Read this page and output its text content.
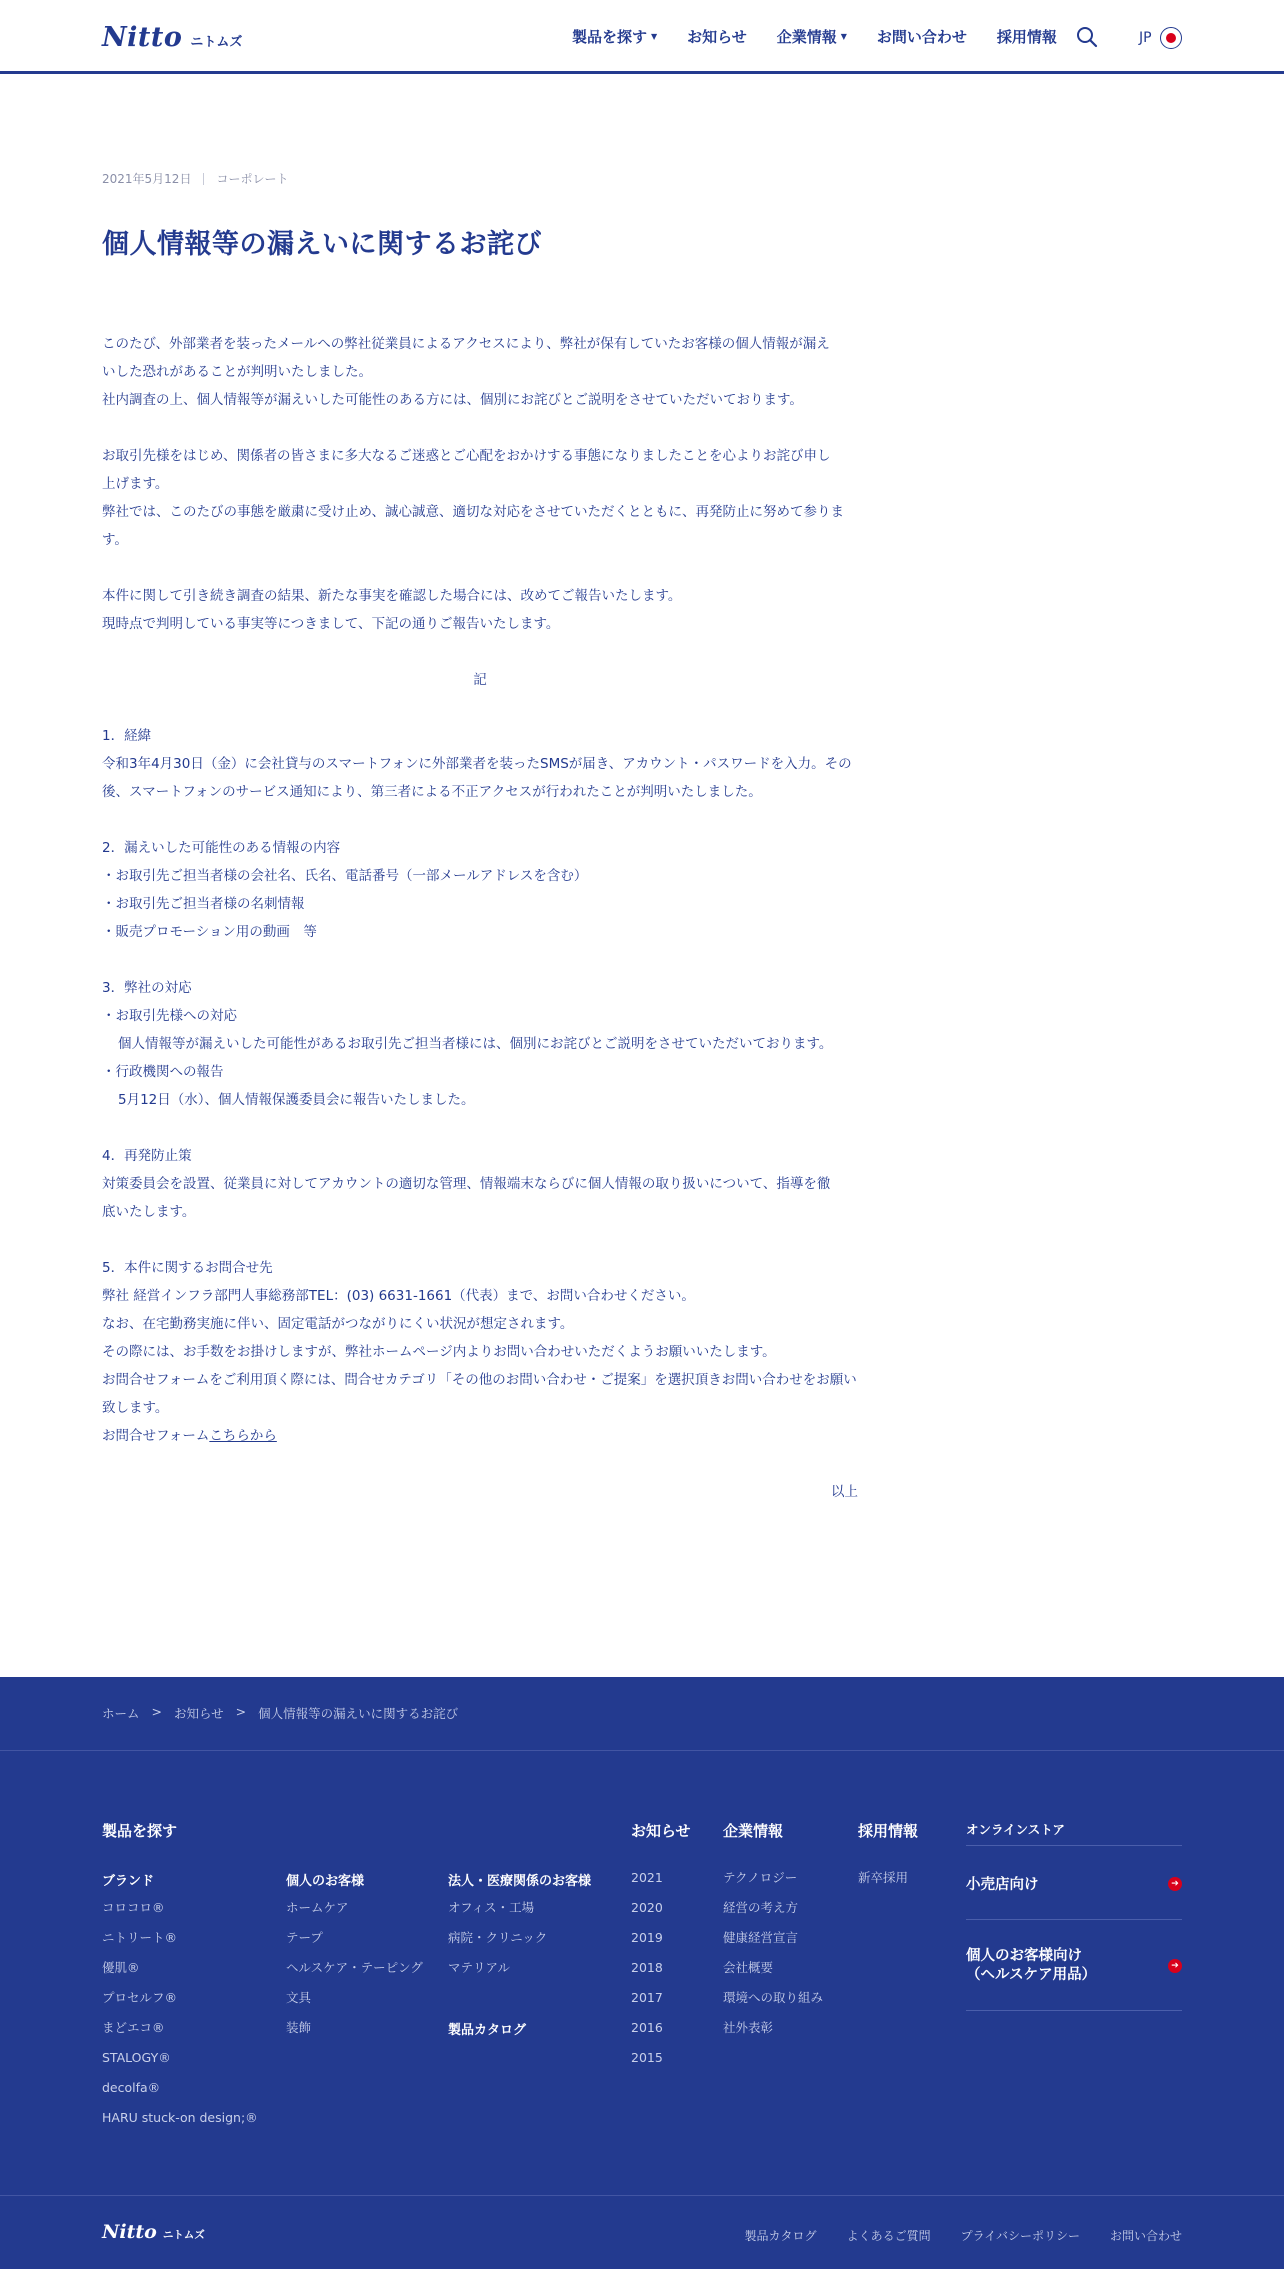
Nitto ニトムズ	製品を探す ▼ お知らせ 企業情報 ▼ お問い合わせ 採用情報	JP
2021年5月12日 コーポレート
個人情報等の漏えいに関するお詫び
このたび、外部業者を装ったメールへの弊社従業員によるアクセスにより、弊社が保有していたお客様の個人情報が漏え
いした恐れがあることが判明いたしました。
社内調査の上、個人情報等が漏えいした可能性のある方には、個別にお詫びとご説明をさせていただいております。
お取引先様をはじめ、関係者の皆さまに多大なるご迷惑とご心配をおかけする事態になりましたことを心よりお詫び申し
上げます。
弊社では、このたびの事態を厳粛に受け止め、誠心誠意、適切な対応をさせていただくとともに、再発防止に努めて参りま
す。
本件に関して引き続き調査の結果、新たな事実を確認した場合には、改めてご報告いたします。
現時点で判明している事実等につきまして、下記の通りご報告いたします。
記
1．経緯
令和3年4月30日（金）に会社貸与のスマートフォンに外部業者を装ったSMSが届き、アカウント・パスワードを入力。その
後、スマートフォンのサービス通知により、第三者による不正アクセスが行われたことが判明いたしました。
2．漏えいした可能性のある情報の内容
・お取引先ご担当者様の会社名、氏名、電話番号（一部メールアドレスを含む）
・お取引先ご担当者様の名刺情報
・販売プロモーション用の動画　等
3．弊社の対応
・お取引先様への対応
個人情報等が漏えいした可能性があるお取引先ご担当者様には、個別にお詫びとご説明をさせていただいております。
・行政機関への報告
5月12日（水）、個人情報保護委員会に報告いたしました。
4．再発防止策
対策委員会を設置、従業員に対してアカウントの適切な管理、情報端末ならびに個人情報の取り扱いについて、指導を徹
底いたします。
5．本件に関するお問合せ先
弊社 経営インフラ部門人事総務部TEL：(03) 6631-1661（代表）まで、お問い合わせください。
なお、在宅勤務実施に伴い、固定電話がつながりにくい状況が想定されます。
その際には、お手数をお掛けしますが、弊社ホームページ内よりお問い合わせいただくようお願いいたします。
お問合せフォームをご利用頂く際には、問合せカテゴリ「その他のお問い合わせ・ご提案」を選択頂きお問い合わせをお願い
致します。
お問合せフォームこちらから
以上
ホーム > お知らせ > 個人情報等の漏えいに関するお詫び
製品を探す
ブランド
コロコロ®
ニトリート®
優肌®
プロセルフ®
まどエコ®
STALOGY®
decolfa®
HARU stuck-on design;®
個人のお客様
ホームケア
テープ
ヘルスケア・テーピング
文具
装飾
法人・医療関係のお客様
オフィス・工場
病院・クリニック
マテリアル
製品カタログ
お知らせ
2021
2020
2019
2018
2017
2016
2015
企業情報
テクノロジー
経営の考え方
健康経営宣言
会社概要
環境への取り組み
社外表彰
採用情報
新卒採用
オンラインストア
小売店向け	➔
個人のお客様向け
（ヘルスケア用品）
➔
Nitto ニトムズ	製品カタログ	よくあるご質問	プライバシーポリシー	お問い合わせ
